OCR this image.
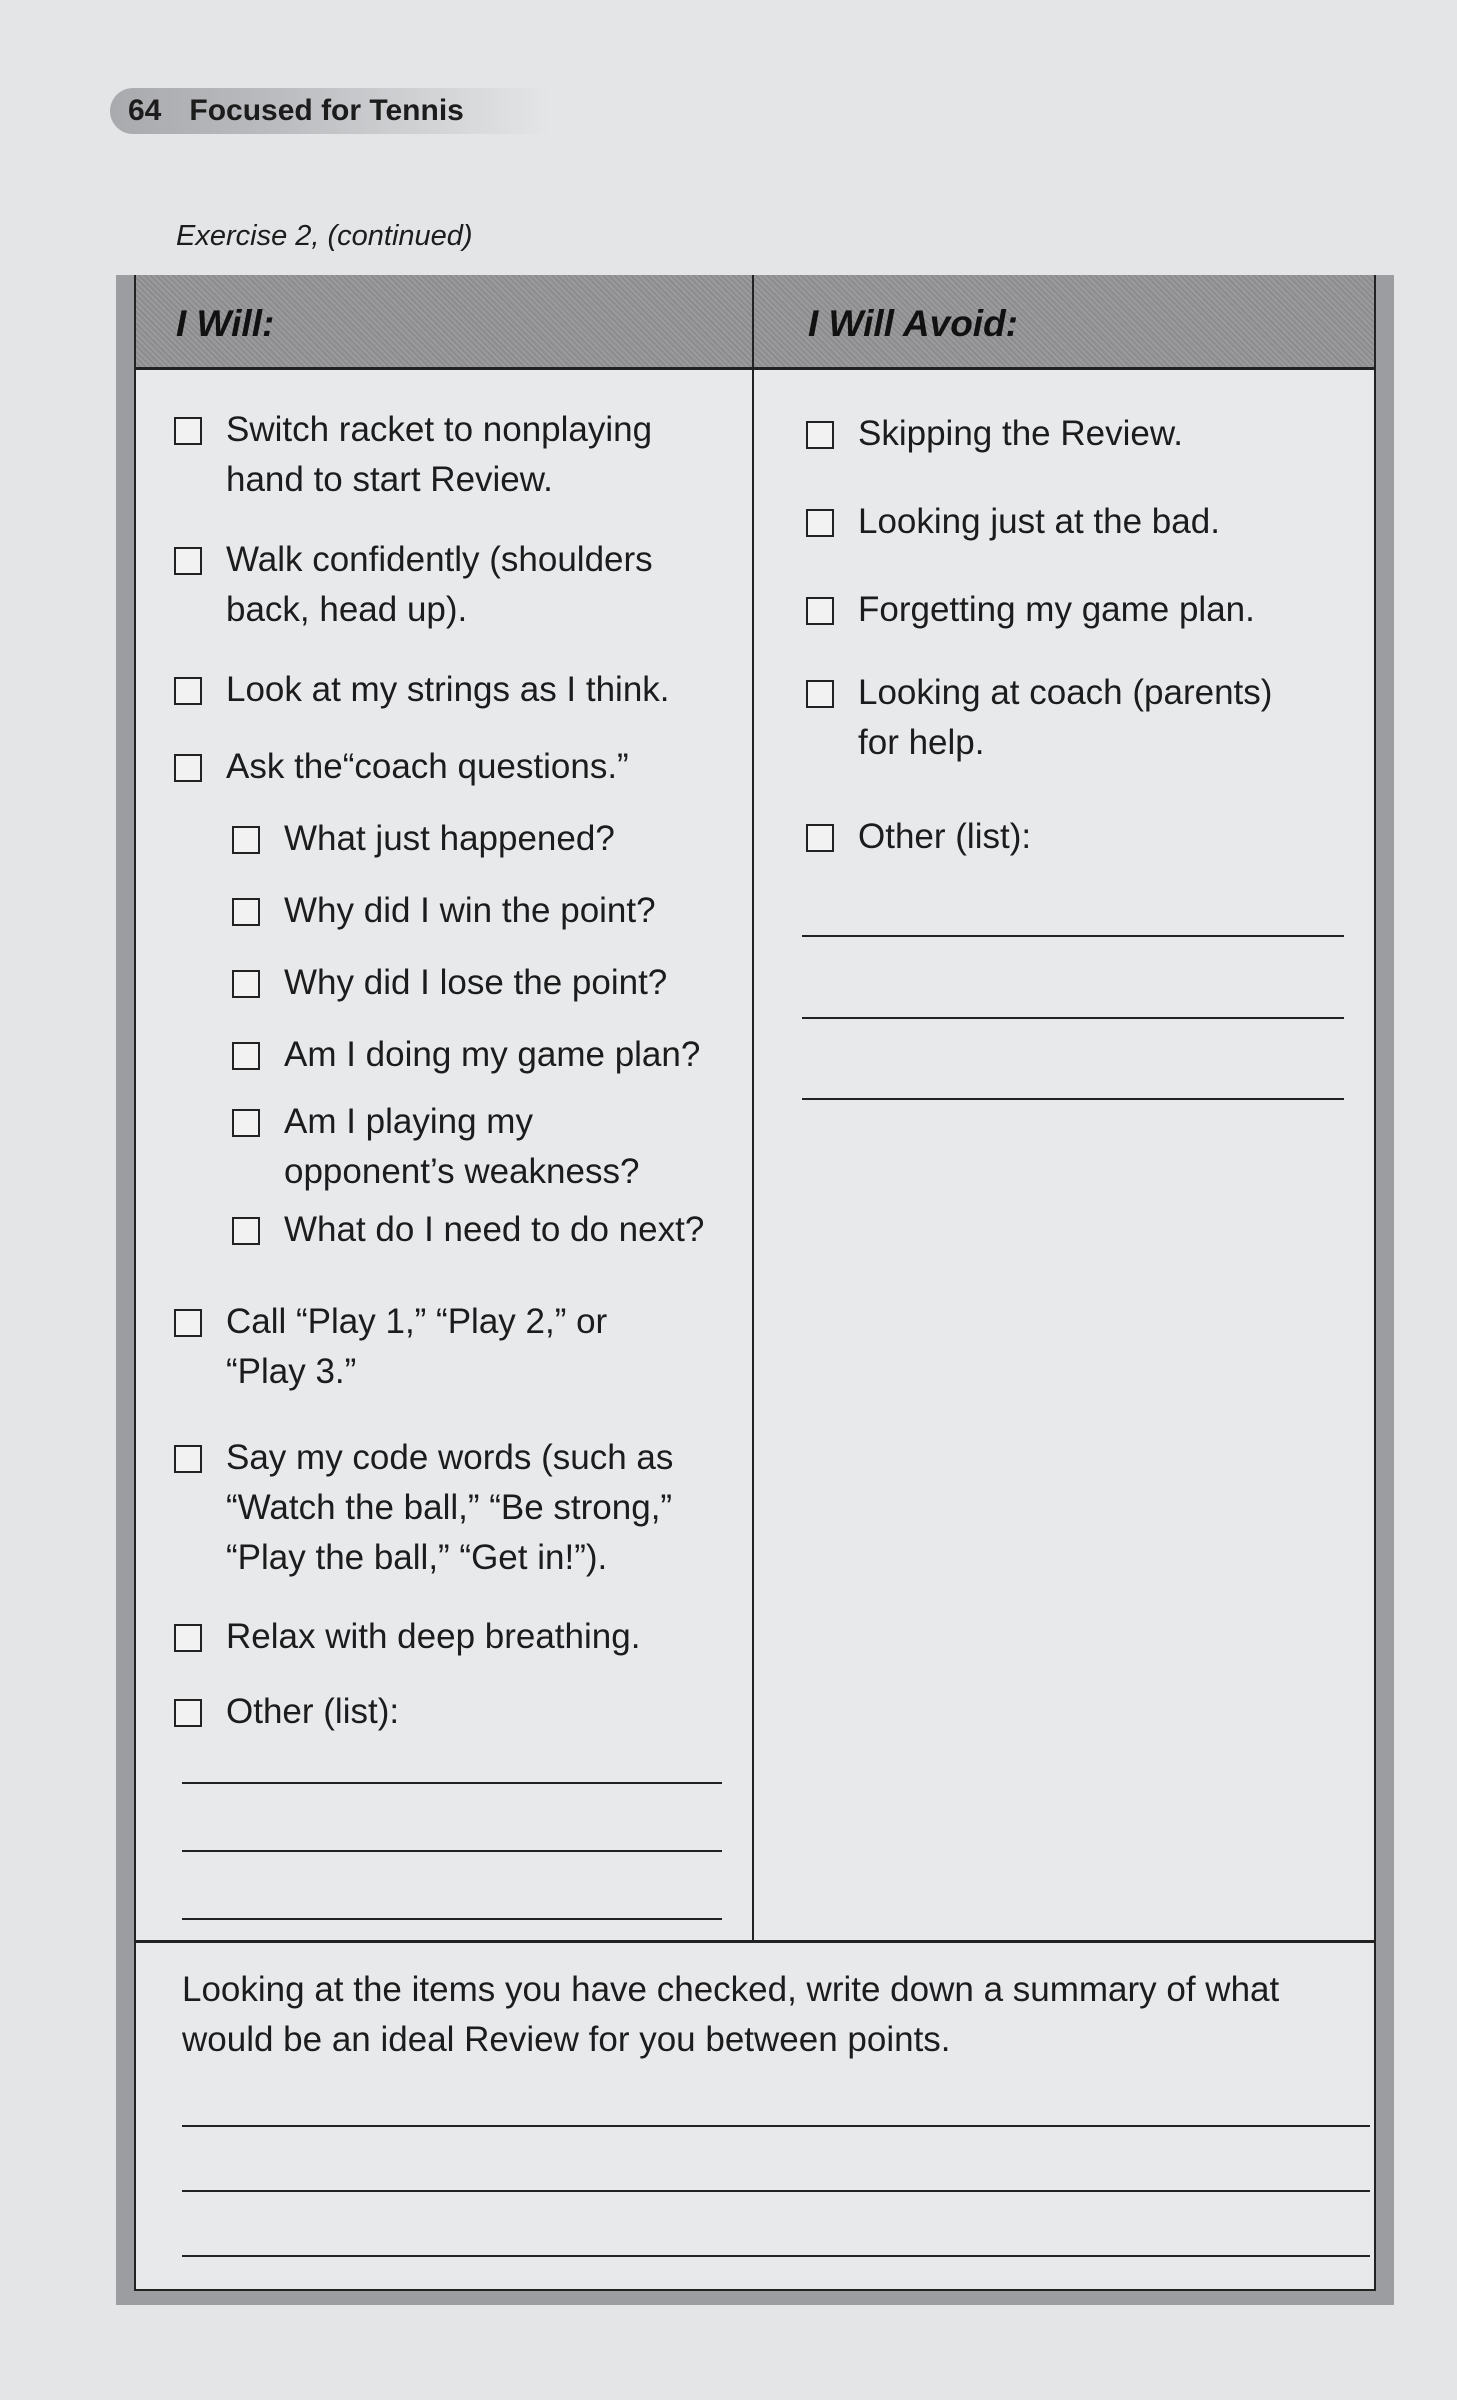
64 Focused for Tennis
Exercise 2, (continued)
I Will:	I Will Avoid:
Switch racket to nonplaying
hand to start Review.
Walk confidently (shoulders
back, head up).
Look at my strings as I think.
Ask the“coach questions.”
What just happened?
Why did I win the point?
Why did I lose the point?
Am I doing my game plan?
Am I playing my
opponent’s weakness?
What do I need to do next?
Call “Play 1,” “Play 2,” or
“Play 3.”
Say my code words (such as
“Watch the ball,” “Be strong,”
“Play the ball,” “Get in!”).
Relax with deep breathing.
Other (list):
Skipping the Review.
Looking just at the bad.
Forgetting my game plan.
Looking at coach (parents)
for help.
Other (list):
Looking at the items you have checked, write down a summary of what would be an ideal Review for you between points.
